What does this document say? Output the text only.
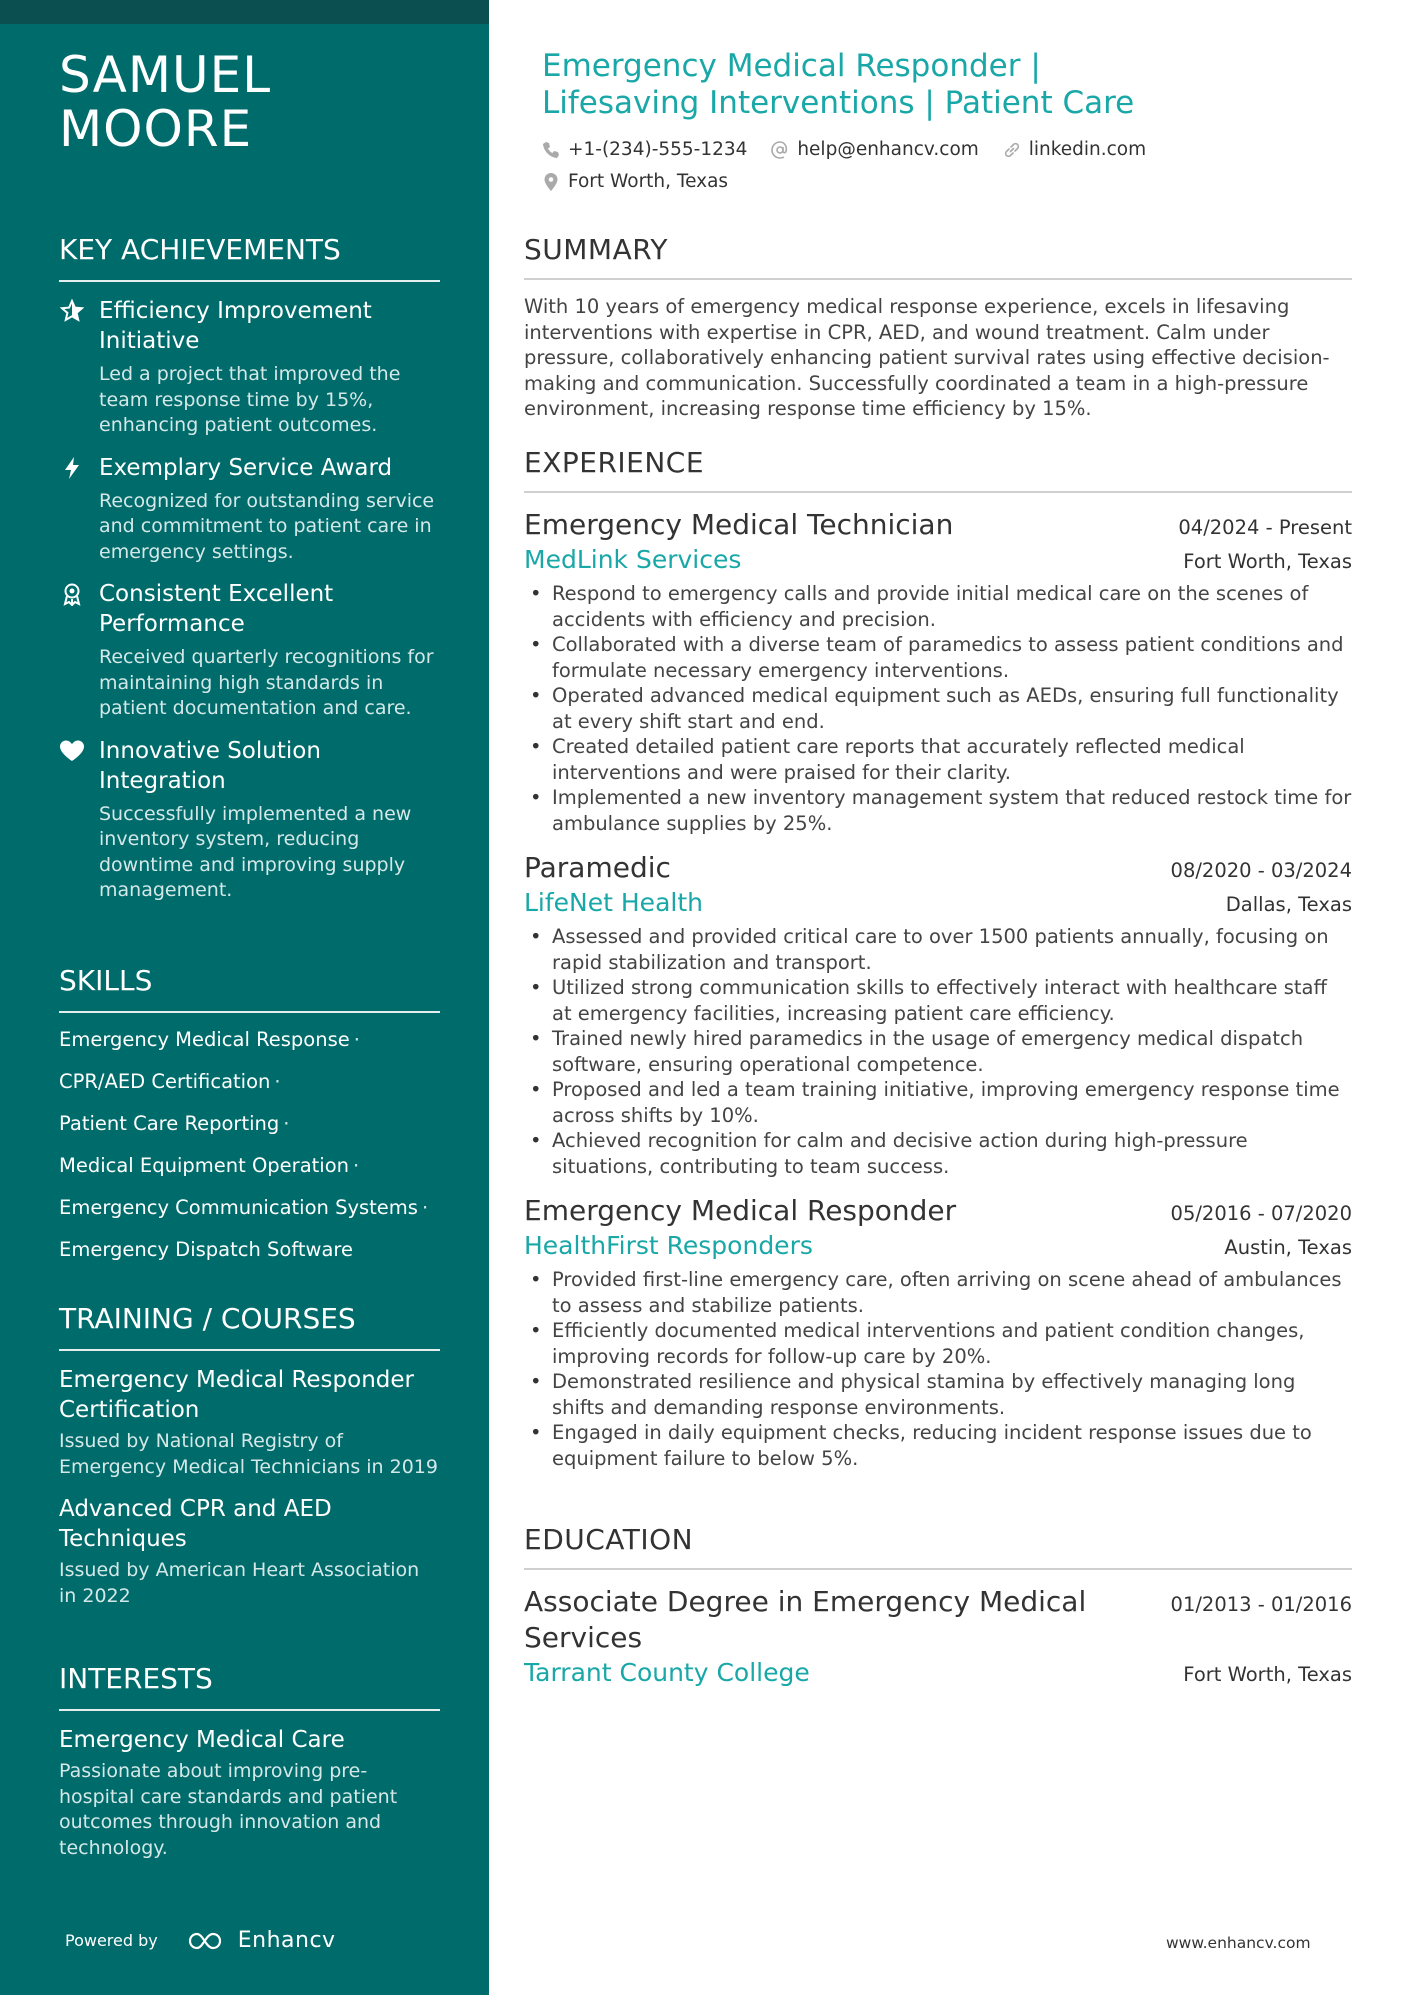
SAMUEL MOORE
KEY ACHIEVEMENTS
Efficiency Improvement Initiative
Led a project that improved the team response time by 15%, enhancing patient outcomes.
Exemplary Service Award
Recognized for outstanding service and commitment to patient care in emergency settings.
Consistent Excellent Performance
Received quarterly recognitions for maintaining high standards in patient documentation and care.
Innovative Solution Integration
Successfully implemented a new inventory system, reducing downtime and improving supply management.
SKILLS
Emergency Medical Response ·
CPR/AED Certification ·
Patient Care Reporting ·
Medical Equipment Operation ·
Emergency Communication Systems ·
Emergency Dispatch Software
TRAINING / COURSES
Emergency Medical Responder Certification
Issued by National Registry of Emergency Medical Technicians in 2019
Advanced CPR and AED Techniques
Issued by American Heart Association in 2022
INTERESTS
Emergency Medical Care
Passionate about improving pre-hospital care standards and patient outcomes through innovation and technology.
Powered by	Enhancv
Emergency Medical Responder | Lifesaving Interventions | Patient Care
+1-(234)-555-1234
	help@enhancv.com
	linkedin.com

Fort Worth, Texas
SUMMARY
With 10 years of emergency medical response experience, excels in lifesaving interventions with expertise in CPR, AED, and wound treatment. Calm under pressure, collaboratively enhancing patient survival rates using effective decision-making and communication. Successfully coordinated a team in a high-pressure environment, increasing response time efficiency by 15%.
EXPERIENCE
Emergency Medical Technician	04/2024 - Present
MedLink Services	Fort Worth, Texas
• Respond to emergency calls and provide initial medical care on the scenes of accidents with efficiency and precision.
• Collaborated with a diverse team of paramedics to assess patient conditions and formulate necessary emergency interventions.
• Operated advanced medical equipment such as AEDs, ensuring full functionality at every shift start and end.
• Created detailed patient care reports that accurately reflected medical interventions and were praised for their clarity.
• Implemented a new inventory management system that reduced restock time for ambulance supplies by 25%.
Paramedic	08/2020 - 03/2024
LifeNet Health	Dallas, Texas
• Assessed and provided critical care to over 1500 patients annually, focusing on rapid stabilization and transport.
• Utilized strong communication skills to effectively interact with healthcare staff at emergency facilities, increasing patient care efficiency.
• Trained newly hired paramedics in the usage of emergency medical dispatch software, ensuring operational competence.
• Proposed and led a team training initiative, improving emergency response time across shifts by 10%.
• Achieved recognition for calm and decisive action during high-pressure situations, contributing to team success.
Emergency Medical Responder	05/2016 - 07/2020
HealthFirst Responders	Austin, Texas
• Provided first-line emergency care, often arriving on scene ahead of ambulances to assess and stabilize patients.
• Efficiently documented medical interventions and patient condition changes, improving records for follow-up care by 20%.
• Demonstrated resilience and physical stamina by effectively managing long shifts and demanding response environments.
• Engaged in daily equipment checks, reducing incident response issues due to equipment failure to below 5%.
EDUCATION
Associate Degree in Emergency Medical Services
01/2013 - 01/2016
Tarrant County College	Fort Worth, Texas
www.enhancv.com
